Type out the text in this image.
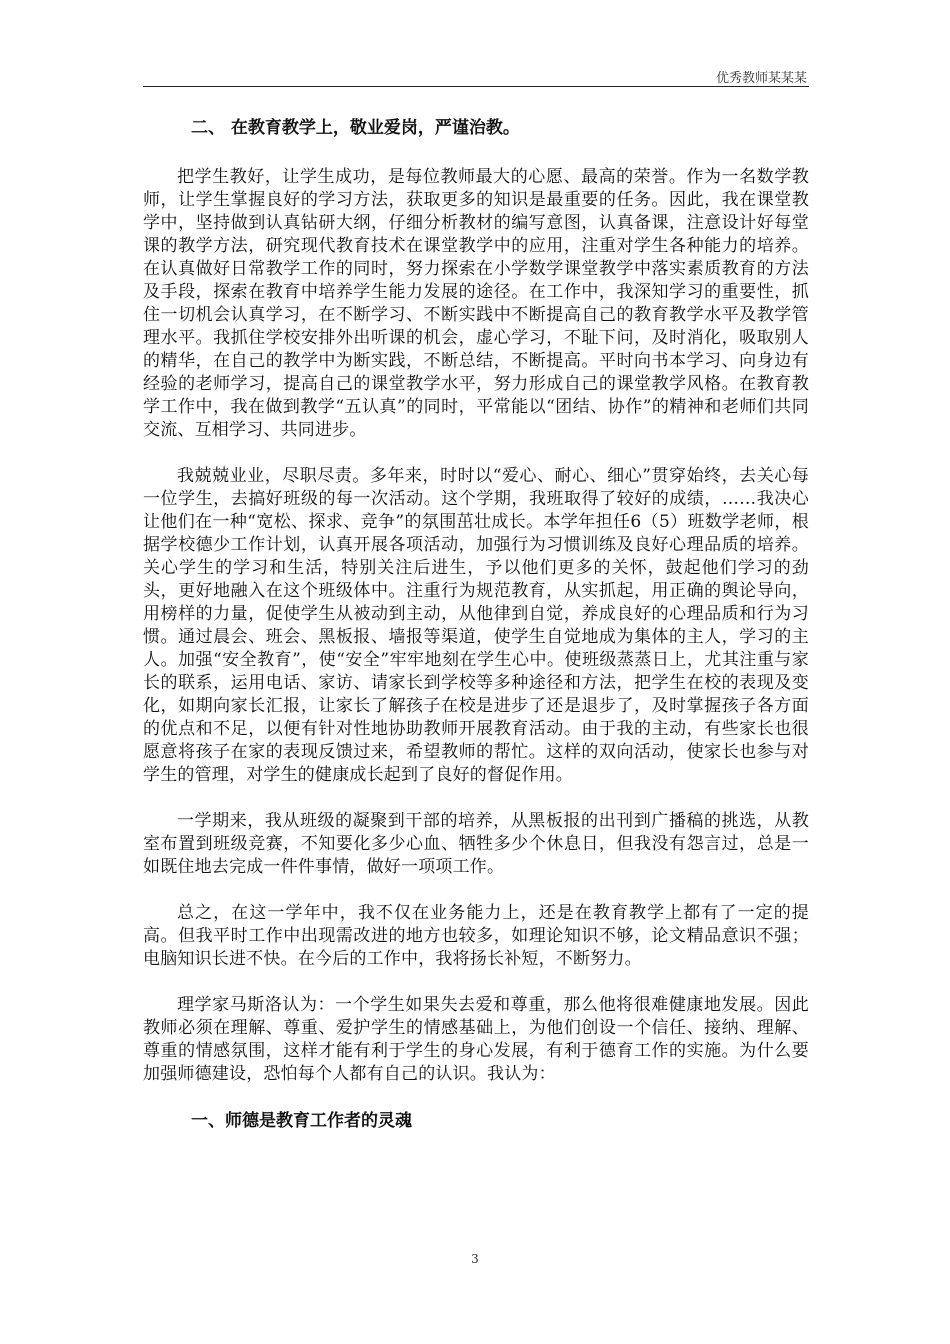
优秀教师某某某
二、 在教育教学上，敬业爱岗，严谨治教。

把学生教好，让学生成功，是每位教师最大的心愿、最高的荣誉。作为一名数学教师，让学生掌握良好的学习方法，获取更多的知识是最重要的任务。因此，我在课堂教学中，坚持做到认真钻研大纲，仔细分析教材的编写意图，认真备课，注意设计好每堂课的教学方法，研究现代教育技术在课堂教学中的应用，注重对学生各种能力的培养。在认真做好日常教学工作的同时，努力探索在小学数学课堂教学中落实素质教育的方法及手段，探索在教育中培养学生能力发展的途径。在工作中，我深知学习的重要性，抓住一切机会认真学习，在不断学习、不断实践中不断提高自己的教育教学水平及教学管理水平。我抓住学校安排外出听课的机会，虚心学习，不耻下问，及时消化，吸取别人的精华，在自己的教学中为断实践，不断总结，不断提高。平时向书本学习、向身边有经验的老师学习，提高自己的课堂教学水平，努力形成自己的课堂教学风格。在教育教学工作中，我在做到教学“五认真”的同时，平常能以“团结、协作”的精神和老师们共同交流、互相学习、共同进步。

我兢兢业业，尽职尽责。多年来，时时以“爱心、耐心、细心”贯穿始终，去关心每一位学生，去搞好班级的每一次活动。这个学期，我班取得了较好的成绩，……我决心让他们在一种“宽松、探求、竞争”的氛围茁壮成长。本学年担任6（5）班数学老师，根据学校德少工作计划，认真开展各项活动，加强行为习惯训练及良好心理品质的培养。关心学生的学习和生活，特别关注后进生，予以他们更多的关怀，鼓起他们学习的劲头，更好地融入在这个班级体中。注重行为规范教育，从实抓起，用正确的舆论导向，用榜样的力量，促使学生从被动到主动，从他律到自觉，养成良好的心理品质和行为习惯。通过晨会、班会、黑板报、墙报等渠道，使学生自觉地成为集体的主人，学习的主人。加强“安全教育”，使“安全”牢牢地刻在学生心中。使班级蒸蒸日上，尤其注重与家长的联系，运用电话、家访、请家长到学校等多种途径和方法，把学生在校的表现及变化，如期向家长汇报，让家长了解孩子在校是进步了还是退步了，及时掌握孩子各方面的优点和不足，以便有针对性地协助教师开展教育活动。由于我的主动，有些家长也很愿意将孩子在家的表现反馈过来，希望教师的帮忙。这样的双向活动，使家长也参与对学生的管理，对学生的健康成长起到了良好的督促作用。

一学期来，我从班级的凝聚到干部的培养，从黑板报的出刊到广播稿的挑选，从教室布置到班级竞赛，不知要化多少心血、牺牲多少个休息日，但我没有怨言过，总是一如既住地去完成一件件事情，做好一项项工作。

总之，在这一学年中，我不仅在业务能力上，还是在教育教学上都有了一定的提高。但我平时工作中出现需改进的地方也较多，如理论知识不够，论文精品意识不强；电脑知识长进不快。在今后的工作中，我将扬长补短，不断努力。

理学家马斯洛认为：一个学生如果失去爱和尊重，那么他将很难健康地发展。因此教师必须在理解、尊重、爱护学生的情感基础上，为他们创设一个信任、接纳、理解、尊重的情感氛围，这样才能有利于学生的身心发展，有利于德育工作的实施。为什么要加强师德建设，恐怕每个人都有自己的认识。我认为：

一、师德是教育工作者的灵魂
3
